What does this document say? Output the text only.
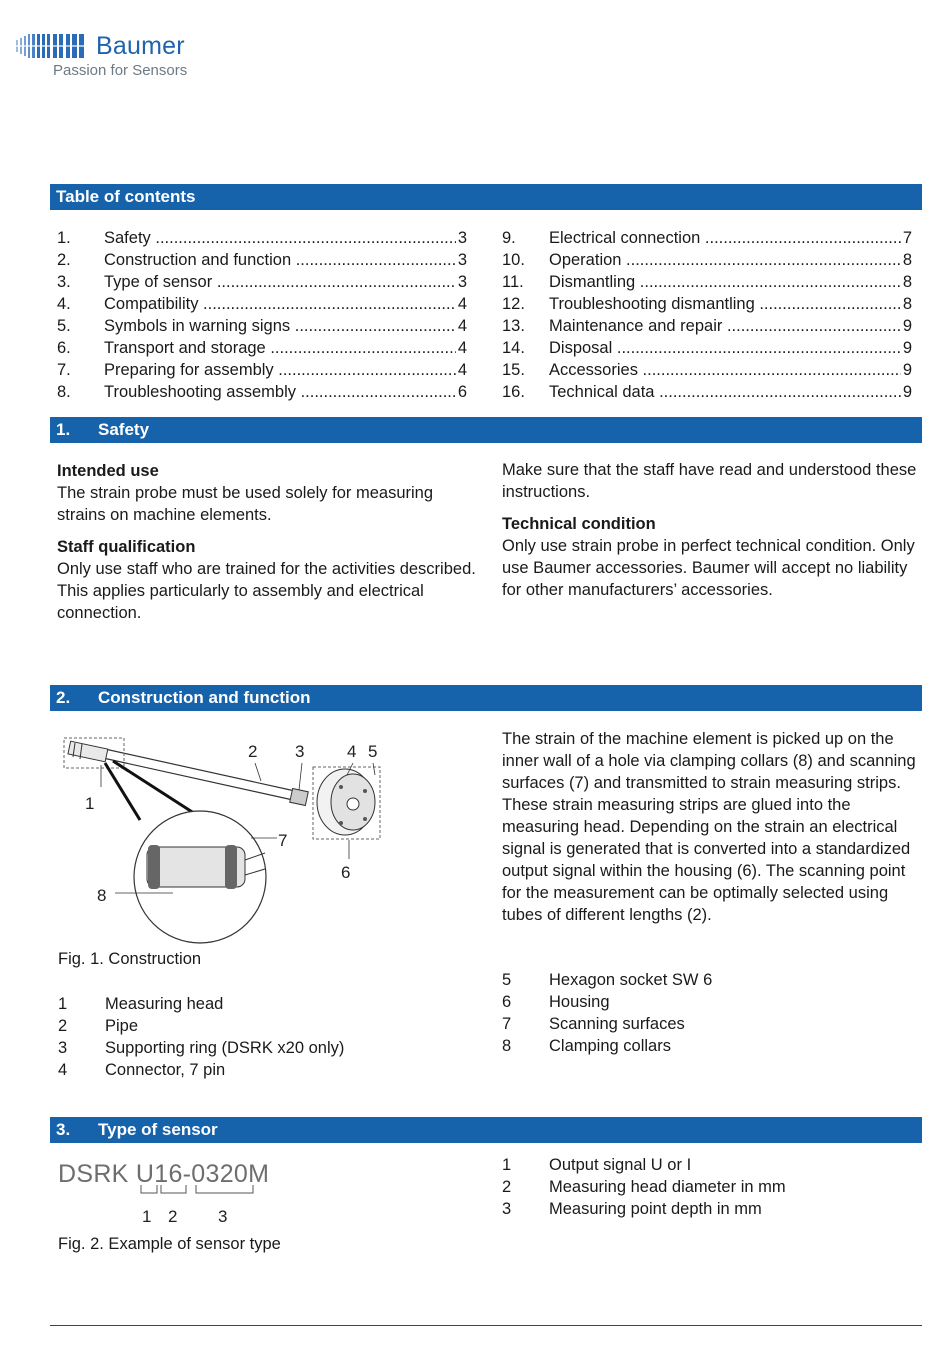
Baumer
Passion for Sensors
Table of contents
1. Safety .....	3
2. Construction and function .....	3
3. Type of sensor .....	3
4. Compatibility .....	4
5. Symbols in warning signs .....	4
6. Transport and storage .....	4
7. Preparing for assembly .....	4
8. Troubleshooting assembly .....	6
9. Electrical connection .....	7
10. Operation .....	8
11. Dismantling .....	8
12. Troubleshooting dismantling .....	8
13. Maintenance and repair .....	9
14. Disposal .....	9
15. Accessories .....	9
16. Technical data .....	9
1. Safety
Intended use

The strain probe must be used solely for measuring strains on machine elements.

Staff qualification

Only use staff who are trained for the activities described. This applies particularly to assembly and electrical connection.

Make sure that the staff have read and understood these instructions.

Technical condition

Only use strain probe in perfect technical condition. Only use Baumer accessories. Baumer will accept no liability for other manufacturers’ accessories.

2. Construction and function
1
2 3	4 5
6
7
8
Fig. 1. Construction
1 Measuring head
2 Pipe
3 Supporting ring (DSRK x20 only)
4 Connector, 7 pin

The strain of the machine element is picked up on the inner wall of a hole via clamping collars (8) and scanning surfaces (7) and transmitted to strain measuring strips. These strain measuring strips are glued into the measuring head. Depending on the strain an electrical signal is generated that is converted into a standardized output signal within the housing (6). The scanning point for the measurement can be optimally selected using tubes of different lengths (2).

5 Hexagon socket SW 6
6 Housing
7 Scanning surfaces
8 Clamping collars
3. Type of sensor
DSRK U16-0320M
1 2 3
Fig. 2. Example of sensor type
1 Output signal U or I
2 Measuring head diameter in mm
3 Measuring point depth in mm
